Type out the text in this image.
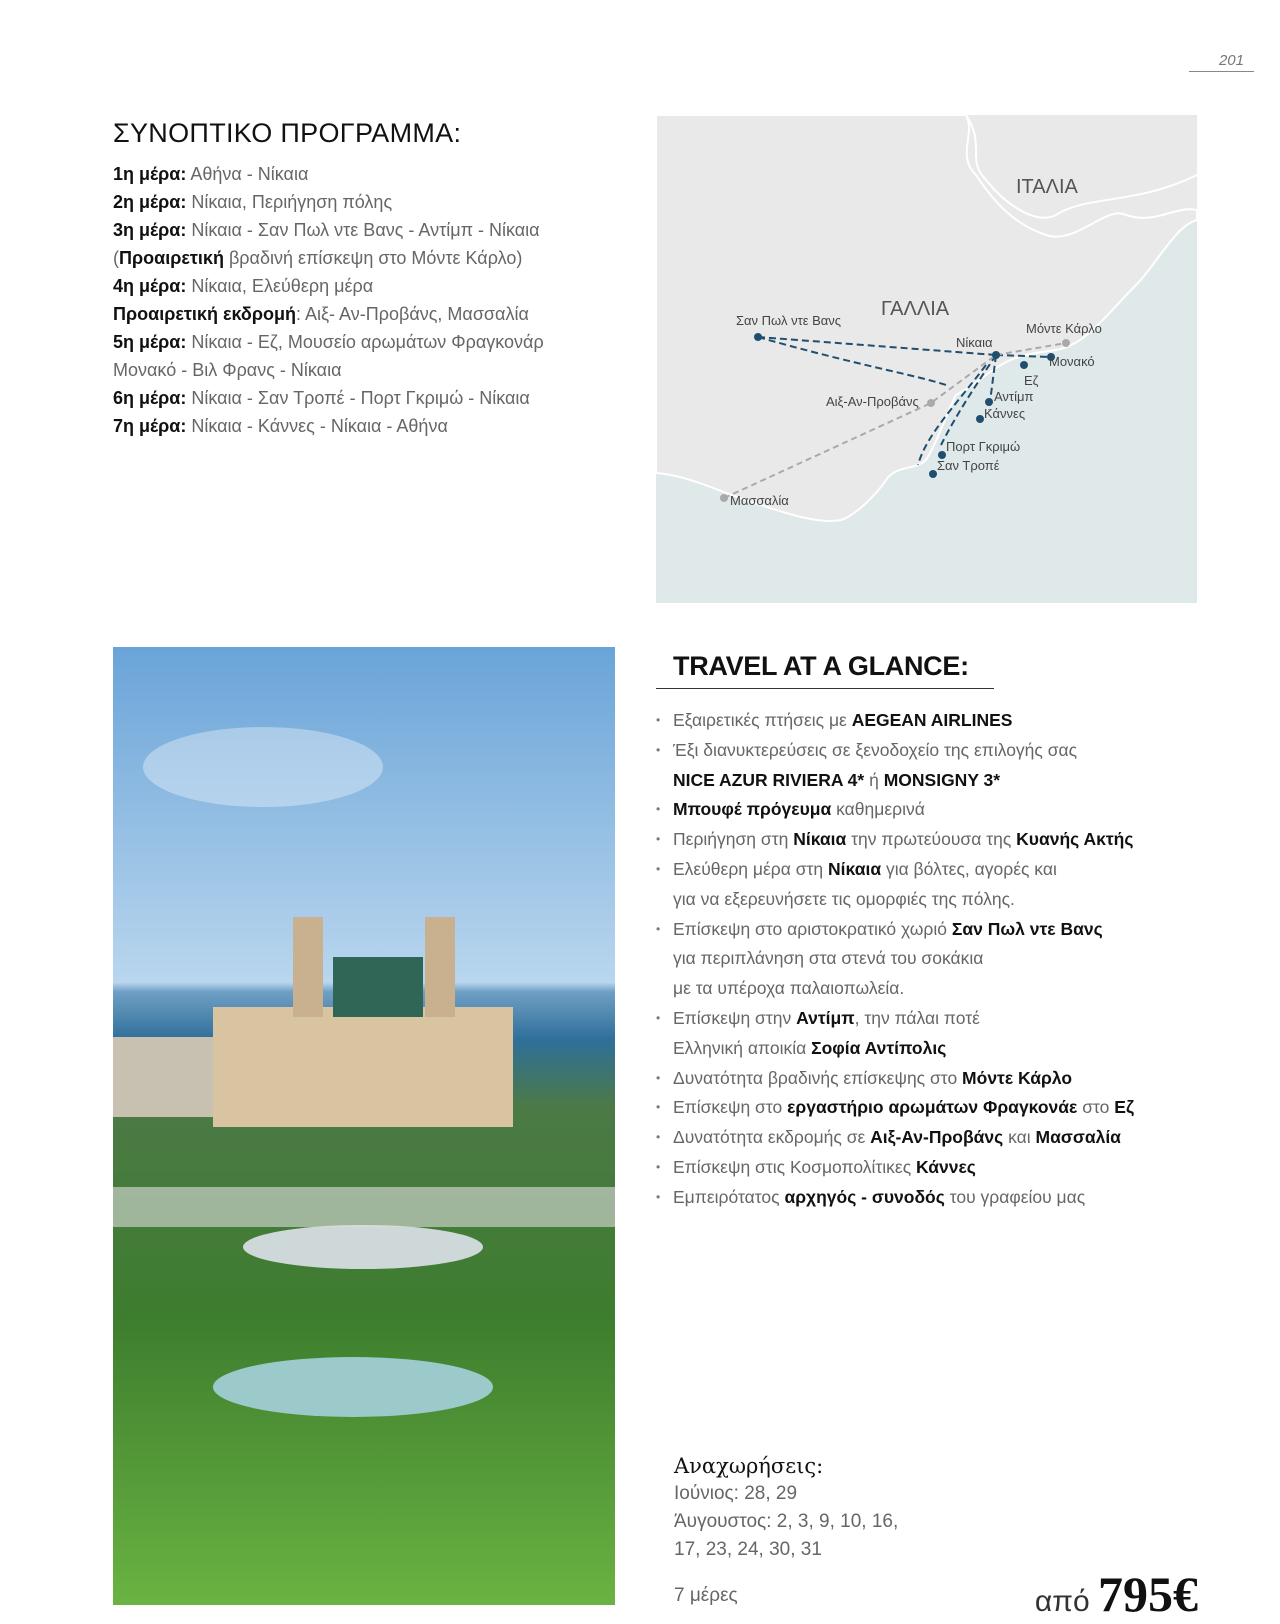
201
ΣΥΝΟΠΤΙΚΟ ΠΡΟΓΡΑΜΜΑ:
1η μέρα: Αθήνα - Νίκαια
2η μέρα: Νίκαια, Περιήγηση πόλης
3η μέρα: Νίκαια - Σαν Πωλ ντε Βανς - Αντίμπ - Νίκαια
(Προαιρετική βραδινή επίσκεψη στο Μόντε Κάρλο)
4η μέρα: Νίκαια, Ελεύθερη μέρα
Προαιρετική εκδρομή: Αιξ- Αν-Προβάνς, Μασσαλία
5η μέρα: Νίκαια - Εζ, Μουσείο αρωμάτων Φραγκονάρ
Μονακό - Βιλ Φρανς - Νίκαια
6η μέρα: Νίκαια - Σαν Τροπέ - Πορτ Γκριμώ - Νίκαια
7η μέρα: Νίκαια - Κάννες - Νίκαια - Αθήνα
ΙΤΑΛΙΑ
ΓΑΛΛΙΑ
Σαν Πωλ ντε Βανς
Νίκαια
Μόντε Κάρλο
Μονακό
Εζ
Αντίμπ
Κάννες
Αιξ-Αν-Προβάνς
Πορτ Γκριμώ
Σαν Τροπέ
Μασσαλία
TRAVEL AT A GLANCE:
• Εξαιρετικές πτήσεις με AEGEAN AIRLINES
• Έξι διανυκτερεύσεις σε ξενοδοχείο της επιλογής σας
NICE AZUR RIVIERA 4* ή MONSIGNY 3*
• Μπουφέ πρόγευμα καθημερινά
• Περιήγηση στη Νίκαια την πρωτεύουσα της Κυανής Ακτής
• Ελεύθερη μέρα στη Νίκαια για βόλτες, αγορές και
για να εξερευνήσετε τις ομορφιές της πόλης.
• Επίσκεψη στο αριστοκρατικό χωριό Σαν Πωλ ντε Βανς
για περιπλάνηση στα στενά του σοκάκια
με τα υπέροχα παλαιοπωλεία.
• Επίσκεψη στην Αντίμπ, την πάλαι ποτέ
Ελληνική αποικία Σοφία Αντίπολις
• Δυνατότητα βραδινής επίσκεψης στο Μόντε Κάρλο
• Επίσκεψη στο εργαστήριο αρωμάτων Φραγκονάε στο Εζ
• Δυνατότητα εκδρομής σε Αιξ-Αν-Προβάνς και Μασσαλία
• Επίσκεψη στις Κοσμοπολίτικες Κάννες
• Εμπειρότατος αρχηγός - συνοδός του γραφείου μας
Αναχωρήσεις:
Ιούνιος: 28, 29
Άυγουστος: 2, 3, 9, 10, 16,
17, 23, 24, 30, 31
7 μέρες	από 795€
